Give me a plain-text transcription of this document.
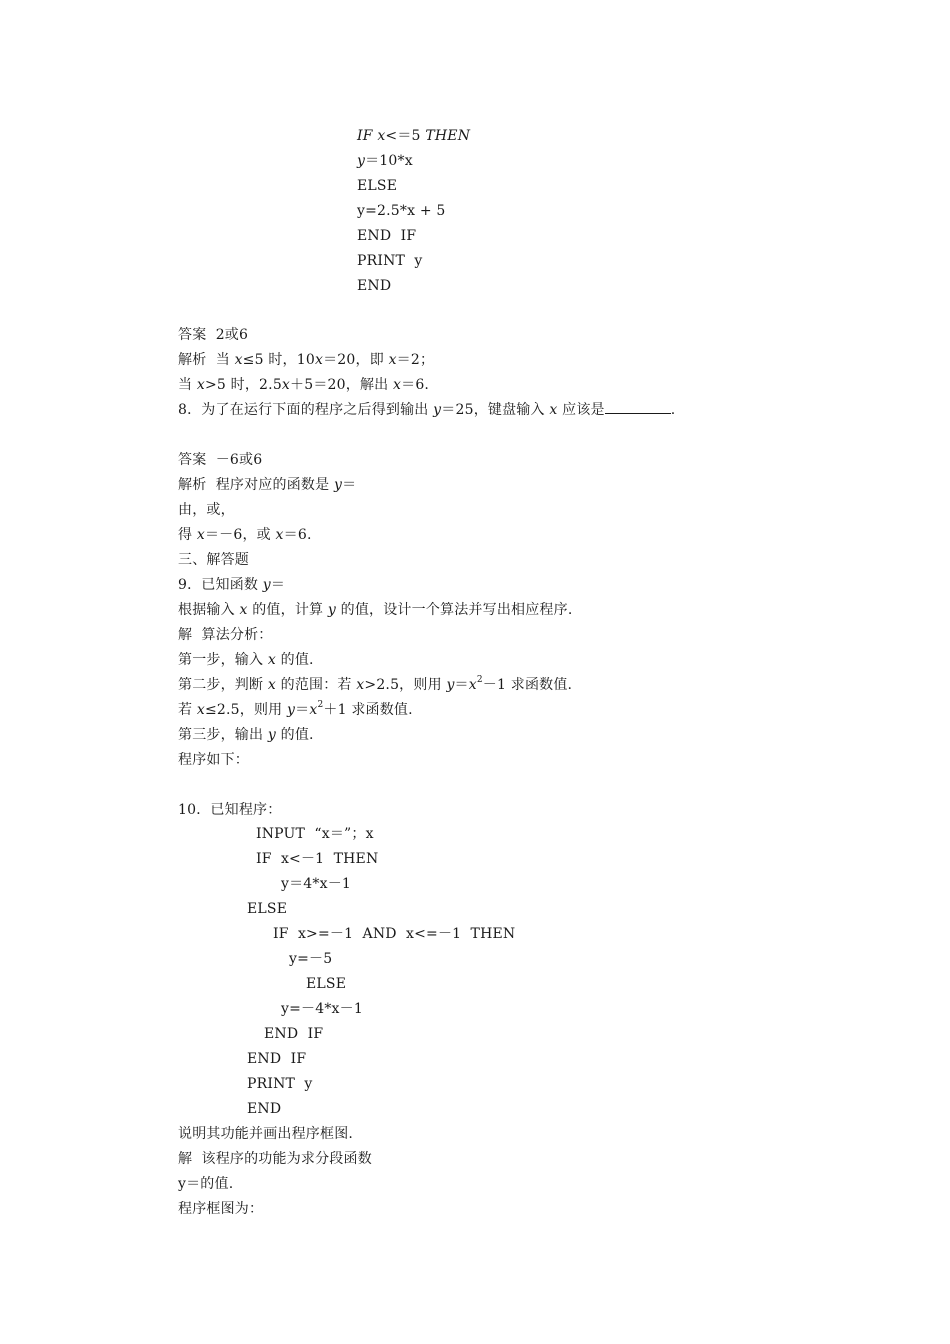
IF x<＝5 THEN
y＝10*x
ELSE
y=2.5*x + 5
END  IF
PRINT  y
END
答案  2或6
解析  当 x≤5 时，10x＝20，即 x＝2；
当 x>5 时，2.5x＋5＝20，解出 x＝6.
8．为了在运行下面的程序之后得到输出 y＝25，键盘输入 x 应该是	.
答案  －6或6
解析  程序对应的函数是 y＝
由，或，
得 x＝－6，或 x＝6.
三、解答题
9．已知函数 y＝
根据输入 x 的值，计算 y 的值，设计一个算法并写出相应程序.
解  算法分析：
第一步，输入 x 的值.
第二步，判断 x 的范围：若 x>2.5，则用 $y=x^2-1$ 求函数值.
若 x≤2.5，则用 $y=x^2+1$ 求函数值.
第三步，输出 y 的值.
程序如下：
10．已知程序：
INPUT  “x＝”；x
IF  x<－1  THEN
y＝4*x－1
ELSE
IF  x>=－1  AND  x<=－1  THEN
y=－5
ELSE
y=－4*x－1
END  IF
END  IF
PRINT  y
END
说明其功能并画出程序框图.
解  该程序的功能为求分段函数
y＝的值.
程序框图为：
